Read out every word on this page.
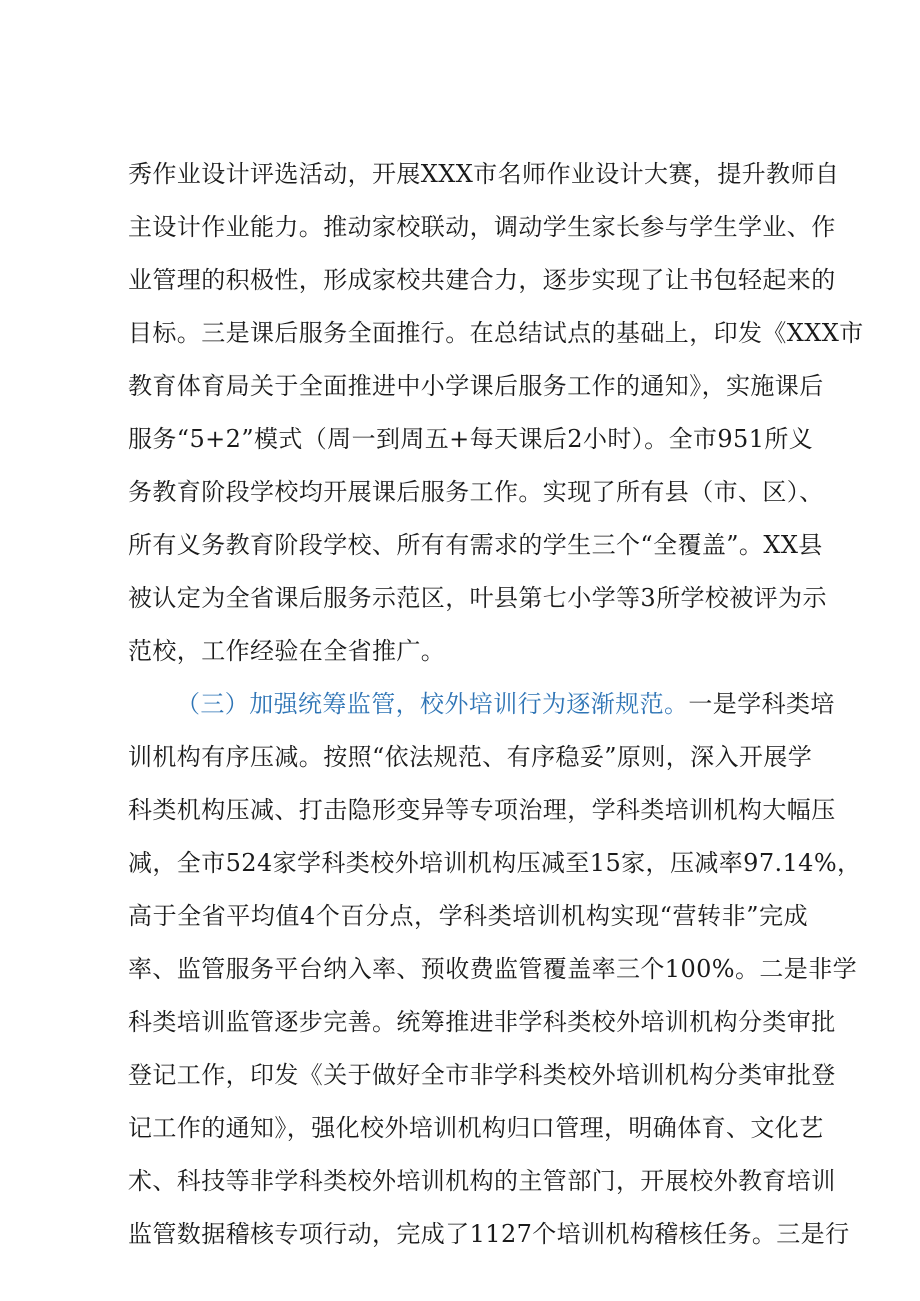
秀作业设计评选活动，开展XXX市名师作业设计大赛，提升教师自
主设计作业能力。推动家校联动，调动学生家长参与学生学业、作
业管理的积极性，形成家校共建合力，逐步实现了让书包轻起来的
目标。三是课后服务全面推行。在总结试点的基础上，印发《XXX市
教育体育局关于全面推进中小学课后服务工作的通知》，实施课后
服务“5+2”模式（周一到周五+每天课后2小时）。全市951所义
务教育阶段学校均开展课后服务工作。实现了所有县（市、区）、
所有义务教育阶段学校、所有有需求的学生三个“全覆盖”。XX县
被认定为全省课后服务示范区，叶县第七小学等3所学校被评为示
范校，工作经验在全省推广。
（三）加强统筹监管，校外培训行为逐渐规范。 一是学科类培
训机构有序压减。按照“依法规范、有序稳妥”原则，深入开展学
科类机构压减、打击隐形变异等专项治理，学科类培训机构大幅压
减，全市524家学科类校外培训机构压减至15家，压减率97.14%，
高于全省平均值4个百分点，学科类培训机构实现“营转非”完成
率、监管服务平台纳入率、预收费监管覆盖率三个100%。二是非学
科类培训监管逐步完善。统筹推进非学科类校外培训机构分类审批
登记工作，印发《关于做好全市非学科类校外培训机构分类审批登
记工作的通知》，强化校外培训机构归口管理，明确体育、文化艺
术、科技等非学科类校外培训机构的主管部门，开展校外教育培训
监管数据稽核专项行动，完成了1127个培训机构稽核任务。三是行
